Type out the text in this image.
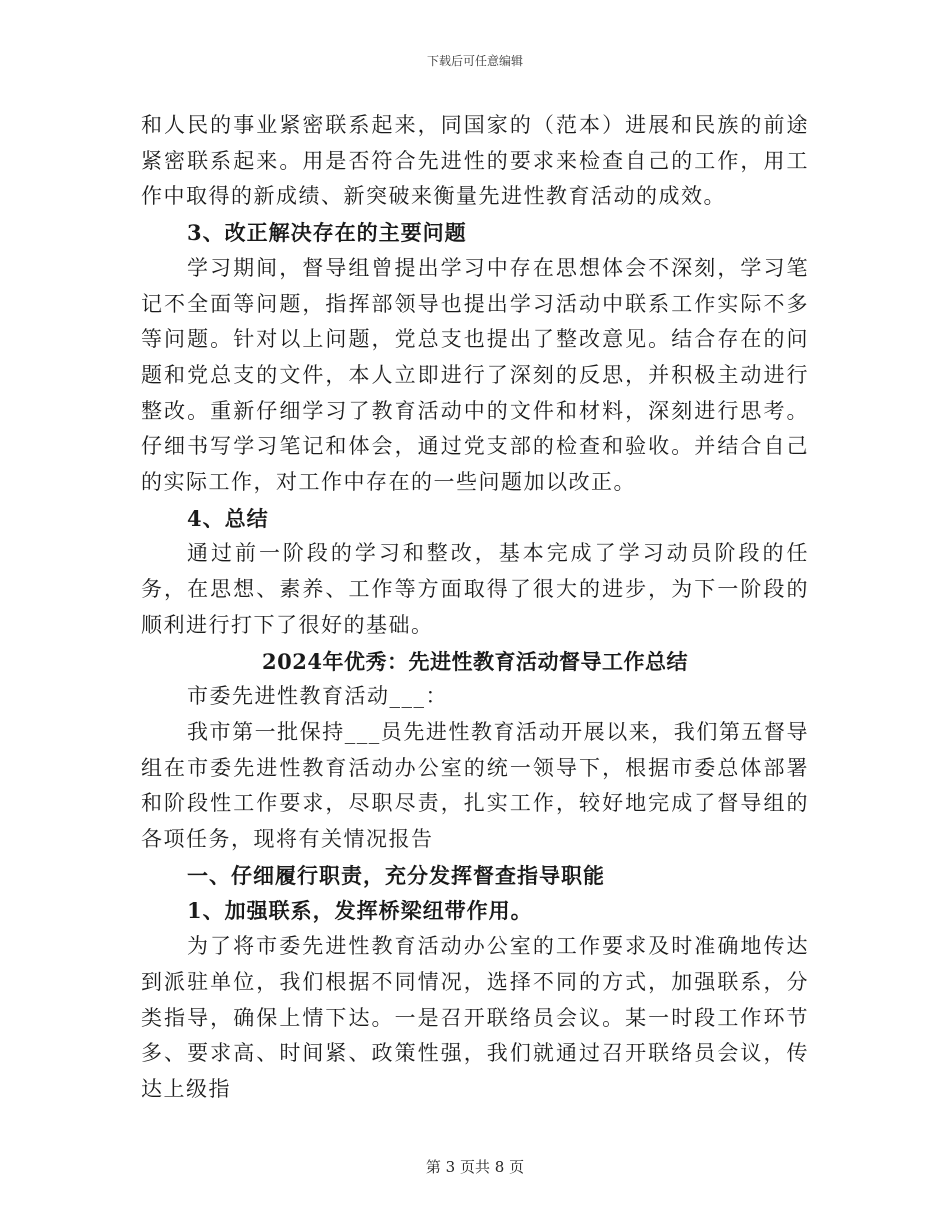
下载后可任意编辑

和人民的事业紧密联系起来，同国家的（范本）进展和民族的前途紧密联系起来。用是否符合先进性的要求来检查自己的工作，用工作中取得的新成绩、新突破来衡量先进性教育活动的成效。

3、改正解决存在的主要问题

学习期间，督导组曾提出学习中存在思想体会不深刻，学习笔记不全面等问题，指挥部领导也提出学习活动中联系工作实际不多等问题。针对以上问题，党总支也提出了整改意见。结合存在的问题和党总支的文件，本人立即进行了深刻的反思，并积极主动进行整改。重新仔细学习了教育活动中的文件和材料，深刻进行思考。仔细书写学习笔记和体会，通过党支部的检查和验收。并结合自己的实际工作，对工作中存在的一些问题加以改正。

4、总结

通过前一阶段的学习和整改，基本完成了学习动员阶段的任务，在思想、素养、工作等方面取得了很大的进步，为下一阶段的顺利进行打下了很好的基础。

2024年优秀：先进性教育活动督导工作总结

市委先进性教育活动___：

我市第一批保持___员先进性教育活动开展以来，我们第五督导组在市委先进性教育活动办公室的统一领导下，根据市委总体部署和阶段性工作要求，尽职尽责，扎实工作，较好地完成了督导组的各项任务，现将有关情况报告

一、仔细履行职责，充分发挥督查指导职能

1、加强联系，发挥桥梁纽带作用。

为了将市委先进性教育活动办公室的工作要求及时准确地传达到派驻单位，我们根据不同情况，选择不同的方式，加强联系，分类指导，确保上情下达。一是召开联络员会议。某一时段工作环节多、要求高、时间紧、政策性强，我们就通过召开联络员会议，传达上级指

第 3 页共 8 页
